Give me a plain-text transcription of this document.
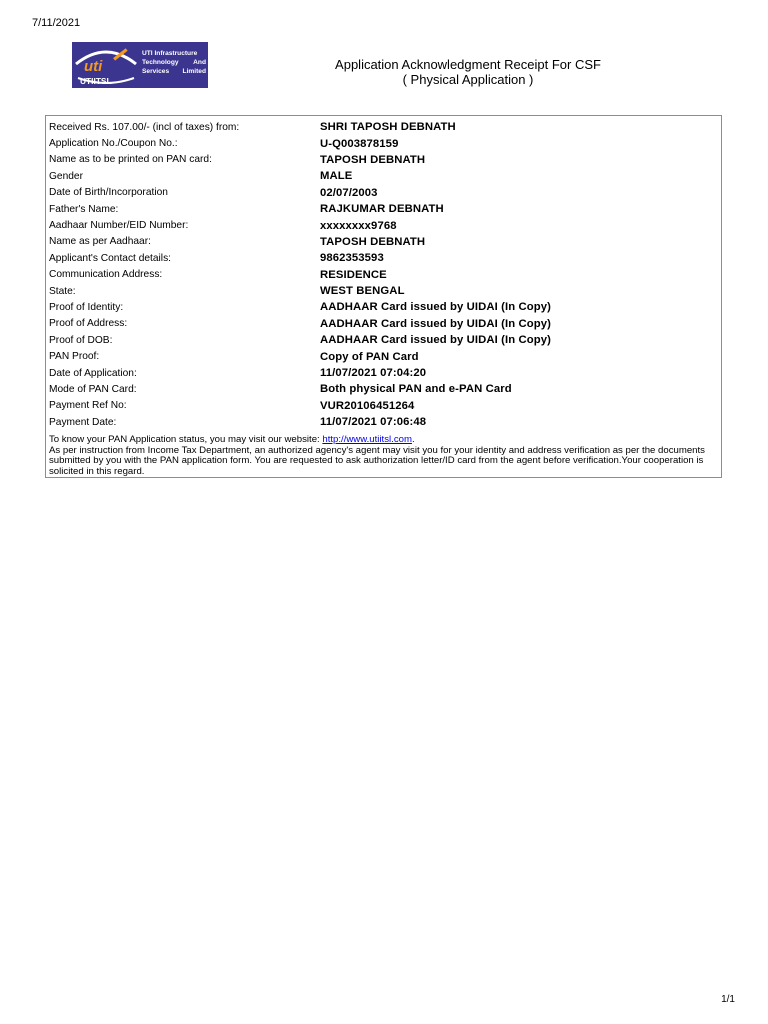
7/11/2021
uti
UTIITSL
UTI Infrastructure
Technology And
Services Limited	Application Acknowledgment Receipt For CSF
( Physical Application )
Received Rs. 107.00/- (incl of taxes) from:	SHRI TAPOSH DEBNATH
Application No./Coupon No.:	U-Q003878159
Name as to be printed on PAN card:	TAPOSH DEBNATH
Gender	MALE
Date of Birth/Incorporation	02/07/2003
Father's Name:	RAJKUMAR DEBNATH
Aadhaar Number/EID Number:	xxxxxxxx9768
Name as per Aadhaar:	TAPOSH DEBNATH
Applicant's Contact details:	9862353593
Communication Address:	RESIDENCE
State:	WEST BENGAL
Proof of Identity:	AADHAAR Card issued by UIDAI (In Copy)
Proof of Address:	AADHAAR Card issued by UIDAI (In Copy)
Proof of DOB:	AADHAAR Card issued by UIDAI (In Copy)
PAN Proof:	Copy of PAN Card
Date of Application:	11/07/2021 07:04:20
Mode of PAN Card:	Both physical PAN and e-PAN Card
Payment Ref No:	VUR20106451264
Payment Date:	11/07/2021 07:06:48
To know your PAN Application status, you may visit our website: http://www.utiitsl.com.
As per instruction from Income Tax Department, an authorized agency's agent may visit you for your identity and address verification as per the documents submitted by you with the PAN application form. You are requested to ask authorization letter/ID card from the agent before verification.Your cooperation is solicited in this regard.
1/1
